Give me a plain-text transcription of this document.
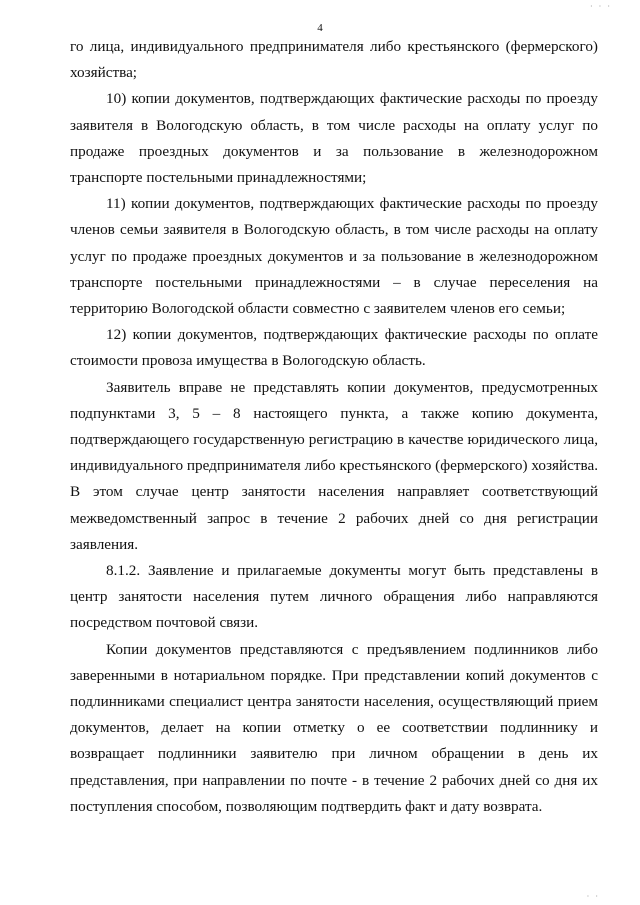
· · ·
4

го лица, индивидуального предпринимателя либо крестьянского (фермерского) хозяйства;

10) копии документов, подтверждающих фактические расходы по проезду заявителя в Вологодскую область, в том числе расходы на оплату услуг по продаже проездных документов и за пользование в железнодорожном транспорте постельными принадлежностями;

11) копии документов, подтверждающих фактические расходы по проезду членов семьи заявителя в Вологодскую область, в том числе расходы на оплату услуг по продаже проездных документов и за пользование в железнодорожном транспорте постельными принадлежностями – в случае переселения на территорию Вологодской области совместно с заявителем членов его семьи;

12) копии документов, подтверждающих фактические расходы по оплате стоимости провоза имущества в Вологодскую область.

Заявитель вправе не представлять копии документов, предусмотренных подпунктами 3, 5 – 8 настоящего пункта, а также копию документа, подтверждающего государственную регистрацию в качестве юридического лица, индивидуального предпринимателя либо крестьянского (фермерского) хозяйства. В этом случае центр занятости населения направляет соответствующий межведомственный запрос в течение 2 рабочих дней со дня регистрации заявления.

8.1.2. Заявление и прилагаемые документы могут быть представлены в центр занятости населения путем личного обращения либо направляются посредством почтовой связи.

Копии документов представляются с предъявлением подлинников либо заверенными в нотариальном порядке. При представлении копий документов с подлинниками специалист центра занятости населения, осуществляющий прием документов, делает на копии отметку о ее соответствии подлиннику и возвращает подлинники заявителю при личном обращении в день их представления, при направлении по почте - в течение 2 рабочих дней со дня их поступления способом, позволяющим подтвердить факт и дату возврата.

· ·
